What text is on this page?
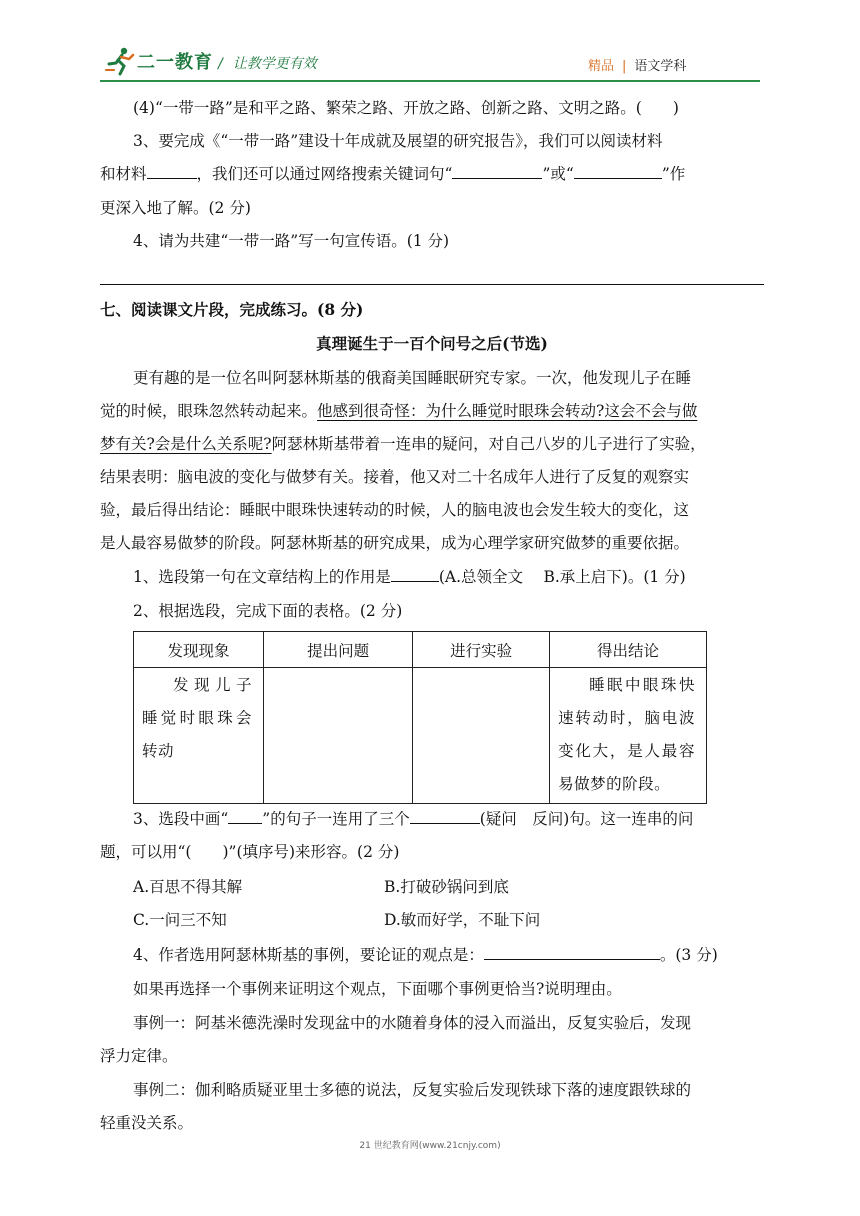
二一教育 / 让教学更有效	精品 | 语文学科

(4)“一带一路”是和平之路、繁荣之路、开放之路、创新之路、文明之路。(　　)

3、要完成《“一带一路”建设十年成就及展望的研究报告》，我们可以阅读材料

和材料	，我们还可以通过网络搜索关键词句“	”或“	”作

更深入地了解。(2 分)

4、请为共建“一带一路”写一句宣传语。(1 分)

七、阅读课文片段，完成练习。(8 分)

真理诞生于一百个问号之后(节选)

更有趣的是一位名叫阿瑟林斯基的俄裔美国睡眠研究专家。一次，他发现儿子在睡

觉的时候，眼珠忽然转动起来。他感到很奇怪：为什么睡觉时眼珠会转动?这会不会与做

梦有关?会是什么关系呢?阿瑟林斯基带着一连串的疑问，对自己八岁的儿子进行了实验，

结果表明：脑电波的变化与做梦有关。接着，他又对二十名成年人进行了反复的观察实

验，最后得出结论：睡眠中眼珠快速转动的时候，人的脑电波也会发生较大的变化，这

是人最容易做梦的阶段。阿瑟林斯基的研究成果，成为心理学家研究做梦的重要依据。

1、选段第一句在文章结构上的作用是	(A.总领全文　 B.承上启下)。(1 分)

2、根据选段，完成下面的表格。(2 分)

发现现象	提出问题	进行实验	得出结论

发现儿子睡觉时眼珠会转动			睡眠中眼珠快速转动时，脑电波变化大，是人最容易做梦的阶段。

3、选段中画“ ”的句子一连用了三个	(疑问　反问)句。这一连串的问

题，可以用“(　　)”(填序号)来形容。(2 分)

A.百思不得其解	B.打破砂锅问到底

C.一问三不知	D.敏而好学，不耻下问

4、作者选用阿瑟林斯基的事例，要论证的观点是：	。(3 分)

如果再选择一个事例来证明这个观点，下面哪个事例更恰当?说明理由。

事例一：阿基米德洗澡时发现盆中的水随着身体的浸入而溢出，反复实验后，发现

浮力定律。

事例二：伽利略质疑亚里士多德的说法，反复实验后发现铁球下落的速度跟铁球的

轻重没关系。

21 世纪教育网(www.21cnjy.com)
